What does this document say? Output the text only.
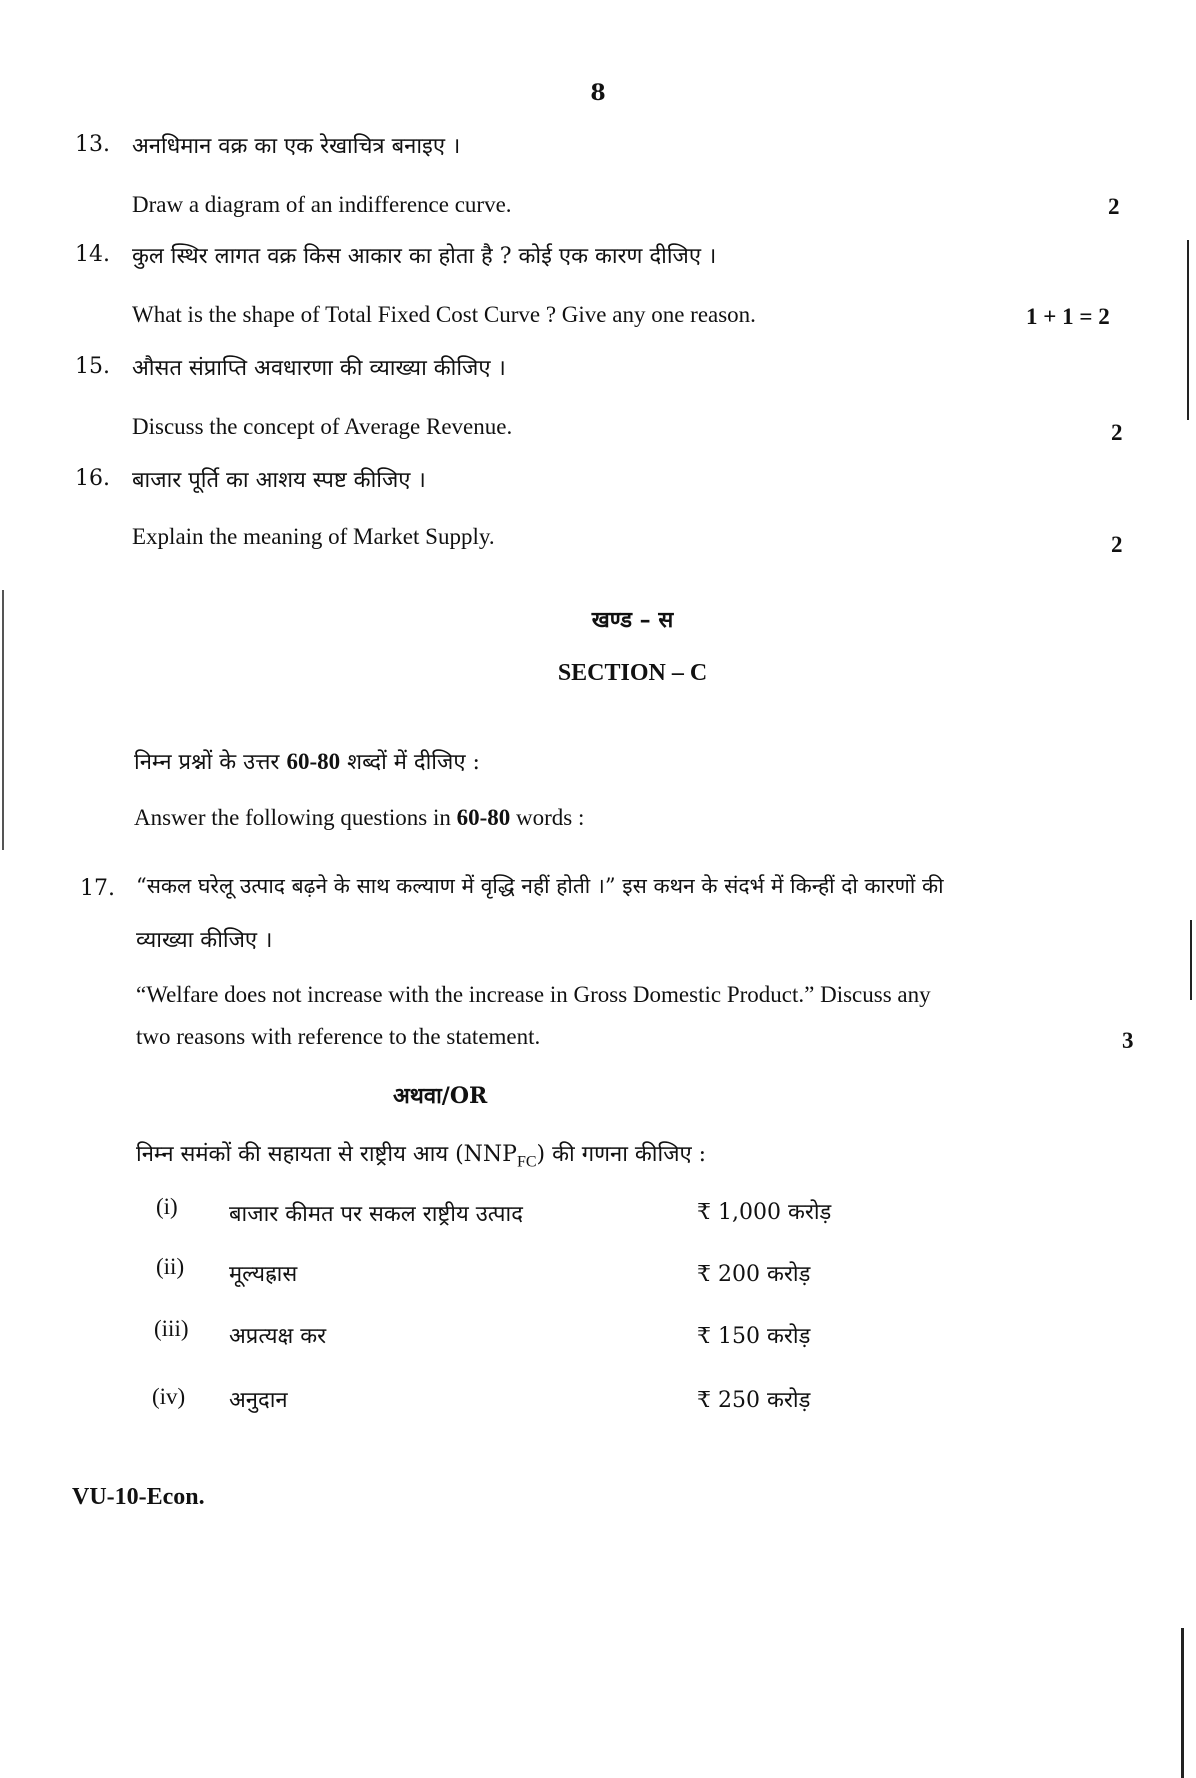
8
13. अनधिमान वक्र का एक रेखाचित्र बनाइए ।
Draw a diagram of an indifference curve.	2
14. कुल स्थिर लागत वक्र किस आकार का होता है ? कोई एक कारण दीजिए ।
What is the shape of Total Fixed Cost Curve ? Give any one reason.	1 + 1 = 2
15. औसत संप्राप्ति अवधारणा की व्याख्या कीजिए ।
Discuss the concept of Average Revenue.	2
16. बाजार पूर्ति का आशय स्पष्ट कीजिए ।
Explain the meaning of Market Supply.	2
खण्ड – स
SECTION – C
निम्न प्रश्नों के उत्तर 60-80 शब्दों में दीजिए :
Answer the following questions in 60-80 words :
17. “सकल घरेलू उत्पाद बढ़ने के साथ कल्याण में वृद्धि नहीं होती ।” इस कथन के संदर्भ में किन्हीं दो कारणों की
व्याख्या कीजिए ।
“Welfare does not increase with the increase in Gross Domestic Product.” Discuss any
two reasons with reference to the statement.	3
अथवा/OR
निम्न समंकों की सहायता से राष्ट्रीय आय $(NNP_{FC})$ की गणना कीजिए :
(i) बाजार कीमत पर सकल राष्ट्रीय उत्पाद	₹ 1,000 करोड़
(ii) मूल्यह्रास	₹ 200 करोड़
(iii) अप्रत्यक्ष कर	₹ 150 करोड़
(iv) अनुदान	₹ 250 करोड़
VU-10-Econ.
